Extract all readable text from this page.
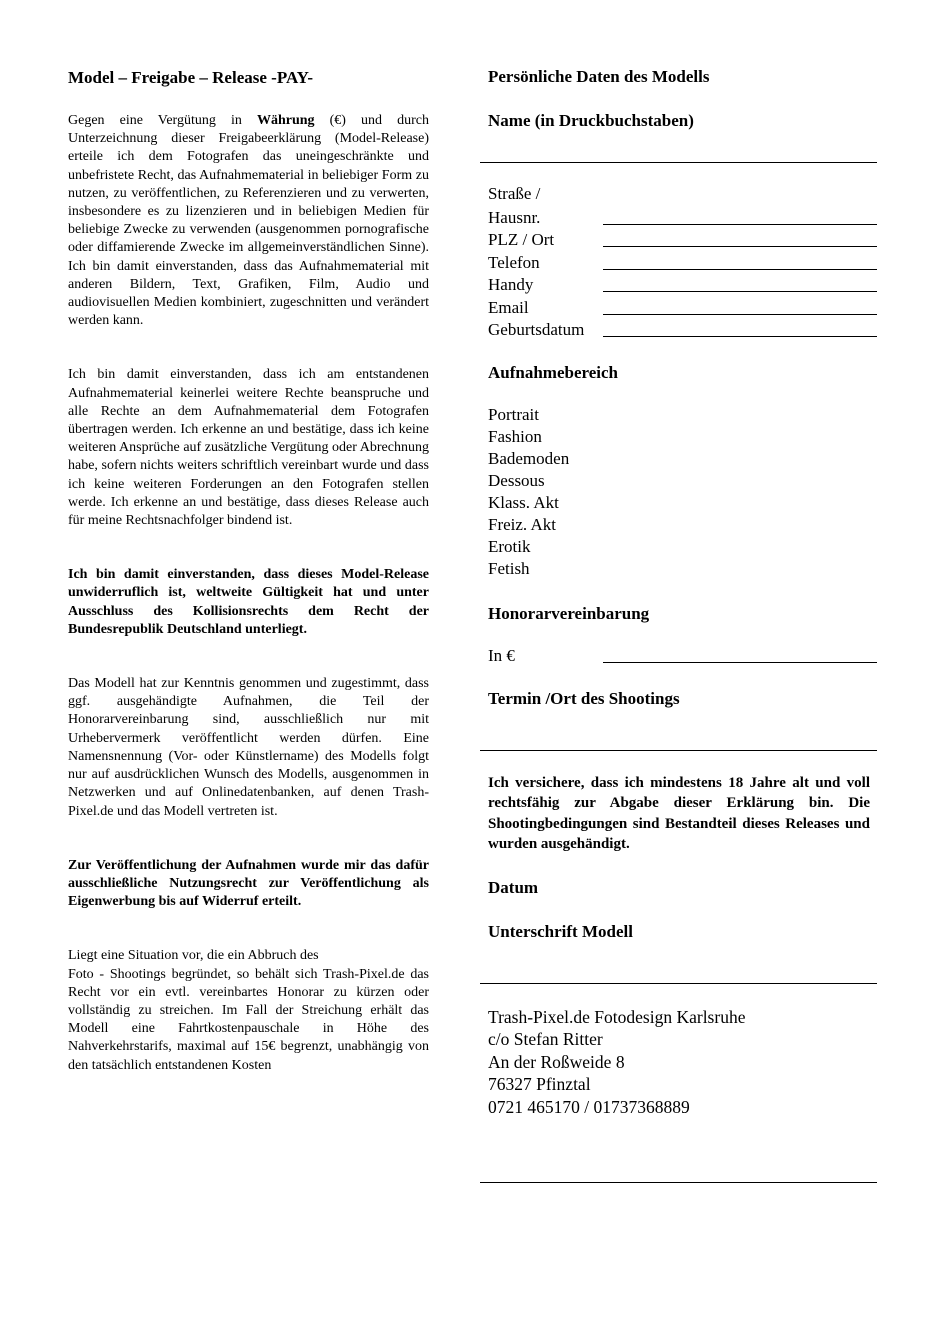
Model – Freigabe – Release -PAY-

Gegen eine Vergütung in Währung (€) und durch Unterzeichnung dieser Freigabeerklärung (Model-Release) erteile ich dem Fotografen das uneingeschränkte und unbefristete Recht, das Aufnahmematerial in beliebiger Form zu nutzen, zu veröffentlichen, zu Referenzieren und zu verwerten, insbesondere es zu lizenzieren und in beliebigen Medien für beliebige Zwecke zu verwenden (ausgenommen pornografische oder diffamierende Zwecke im allgemeinverständlichen Sinne). Ich bin damit einverstanden, dass das Aufnahmematerial mit anderen Bildern, Text, Grafiken, Film, Audio und audiovisuellen Medien kombiniert, zugeschnitten und verändert werden kann.

Ich bin damit einverstanden, dass ich am entstandenen Aufnahmematerial keinerlei weitere Rechte beanspruche und alle Rechte an dem Aufnahmematerial dem Fotografen übertragen werden. Ich erkenne an und bestätige, dass ich keine weiteren Ansprüche auf zusätzliche Vergütung oder Abrechnung habe, sofern nichts weiters schriftlich vereinbart wurde und dass ich keine weiteren Forderungen an den Fotografen stellen werde. Ich erkenne an und bestätige, dass dieses Release auch für meine Rechtsnachfolger bindend ist.

Ich bin damit einverstanden, dass dieses Model-Release unwiderruflich ist, weltweite Gültigkeit hat und unter Ausschluss des Kollisionsrechts dem Recht der Bundesrepublik Deutschland unterliegt.

Das Modell hat zur Kenntnis genommen und zugestimmt, dass ggf. ausgehändigte Aufnahmen, die Teil der Honorarvereinbarung sind, ausschließlich nur mit Urhebervermerk veröffentlicht werden dürfen. Eine Namensnennung (Vor- oder Künstlername) des Modells folgt nur auf ausdrücklichen Wunsch des Modells, ausgenommen in Netzwerken und auf Onlinedatenbanken, auf denen Trash-Pixel.de und das Modell vertreten ist.

Zur Veröffentlichung der Aufnahmen wurde mir das dafür ausschließliche Nutzungsrecht zur Veröffentlichung als Eigenwerbung bis auf Widerruf erteilt.

Liegt eine Situation vor, die ein Abbruch des

Foto - Shootings begründet, so behält sich Trash-Pixel.de das Recht vor ein evtl. vereinbartes Honorar zu kürzen oder vollständig zu streichen. Im Fall der Streichung erhält das Modell eine Fahrtkostenpauschale in Höhe des Nahverkehrstarifs, maximal auf 15€ begrenzt, unabhängig von den tatsächlich entstandenen Kosten

Persönliche Daten des Modells
Name (in Druckbuchstaben)
Straße /
Hausnr.
PLZ / Ort
Telefon
Handy
Email
Geburtsdatum
Aufnahmebereich
Portrait
Fashion
Bademoden
Dessous
Klass. Akt
Freiz. Akt
Erotik
Fetish
Honorarvereinbarung
In €
Termin /Ort des Shootings

Ich versichere, dass ich mindestens 18 Jahre alt und voll rechtsfähig zur Abgabe dieser Erklärung bin. Die Shootingbedingungen sind Bestandteil dieses Releases und wurden ausgehändigt.

Datum
Unterschrift Modell
Trash-Pixel.de Fotodesign Karlsruhe
c/o Stefan Ritter
An der Roßweide 8
76327 Pfinztal
0721 465170 / 01737368889
